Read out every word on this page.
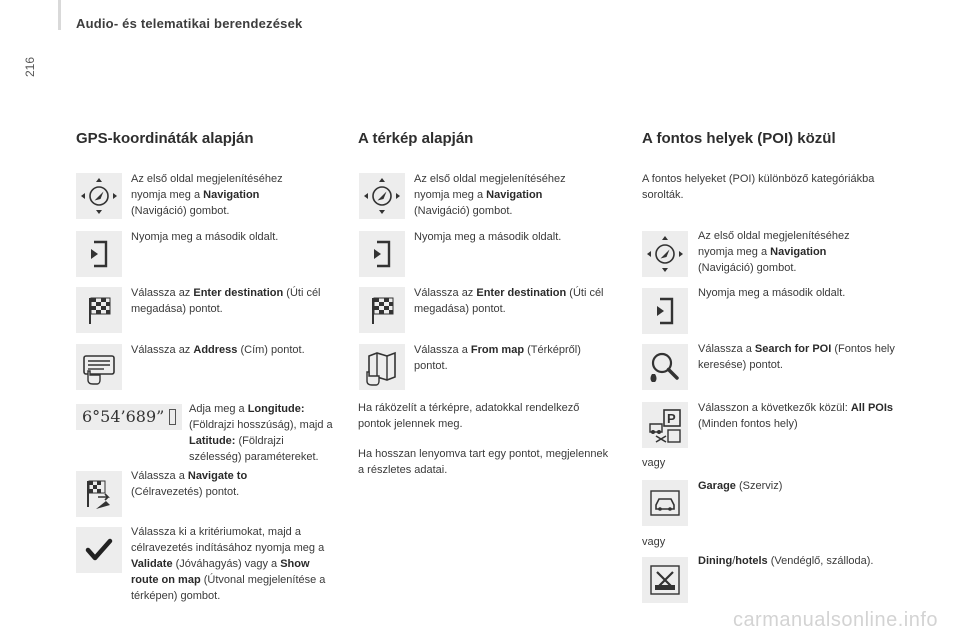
Audio- és telematikai berendezések
216
GPS-koordináták alapján
Az első oldal megjelenítéséhez nyomja meg a Navigation
(Navigáció) gombot.
Nyomja meg a második oldalt.
Válassza az Enter destination (Úti cél megadása) pontot.
Válassza az Address (Cím) pontot.
6°54’689”	Adja meg a Longitude: (Földrajzi hosszúság), majd a Latitude: (Földrajzi szélesség) paramétereket.
Válassza a Navigate to
(Célravezetés) pontot.
Válassza ki a kritériumokat, majd a célravezetés indításához nyomja meg a Validate (Jóváhagyás) vagy a Show route on map (Útvonal megjelenítése a térképen) gombot.
A térkép alapján
Az első oldal megjelenítéséhez nyomja meg a Navigation
(Navigáció) gombot.
Nyomja meg a második oldalt.
Válassza az Enter destination (Úti cél megadása) pontot.
Válassza a From map (Térképről) pontot.
Ha ráközelít a térképre, adatokkal rendelkező pontok jelennek meg.
Ha hosszan lenyomva tart egy pontot, megjelennek a részletes adatai.
A fontos helyek (POI) közül
A fontos helyeket (POI) különböző kategóriákba sorolták.
Az első oldal megjelenítéséhez nyomja meg a Navigation
(Navigáció) gombot.
Nyomja meg a második oldalt.
Válassza a Search for POI (Fontos hely keresése) pontot.
Válasszon a következők közül: All POIs (Minden fontos hely)
vagy
Garage (Szerviz)
vagy
Dining/hotels (Vendéglő, szálloda).
carmanualsonline.info
